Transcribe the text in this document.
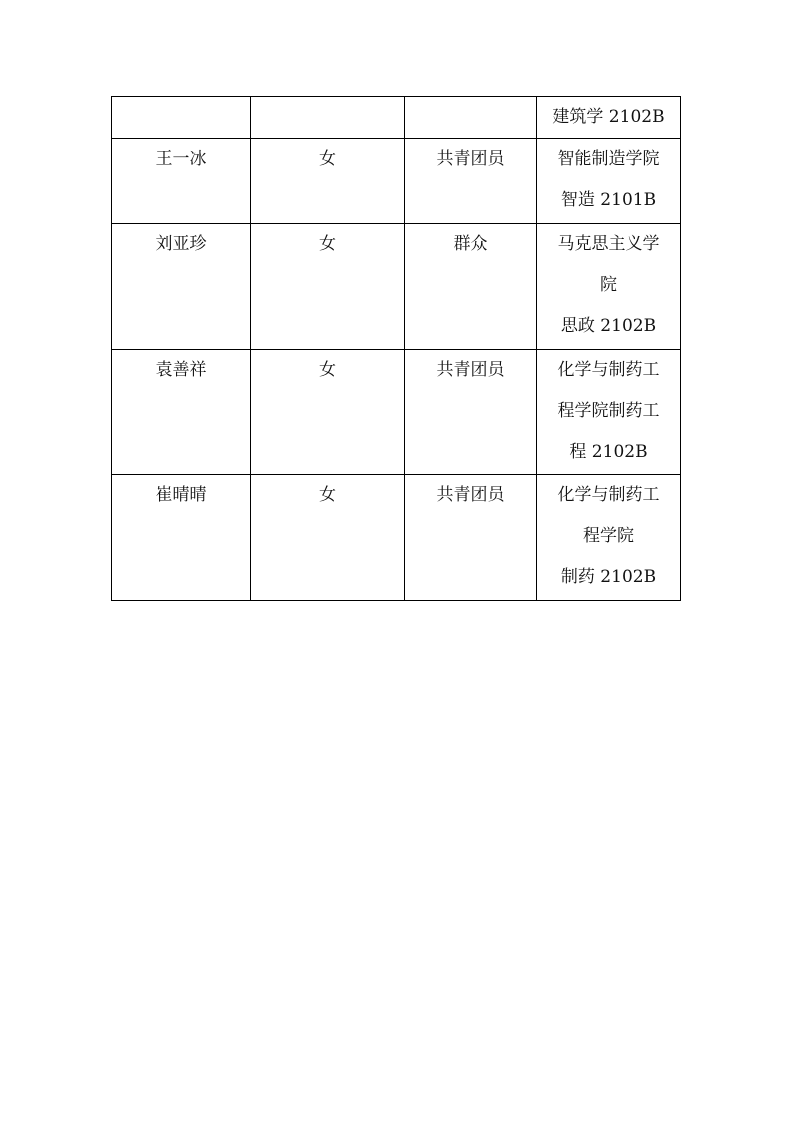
			建筑学 2102B

王一冰	女	共青团员	智能制造学院
智造 2101B

刘亚珍	女	群众	马克思主义学
院
思政 2102B

袁善祥	女	共青团员	化学与制药工
程学院制药工
程 2102B

崔晴晴	女	共青团员	化学与制药工
程学院
制药 2102B
